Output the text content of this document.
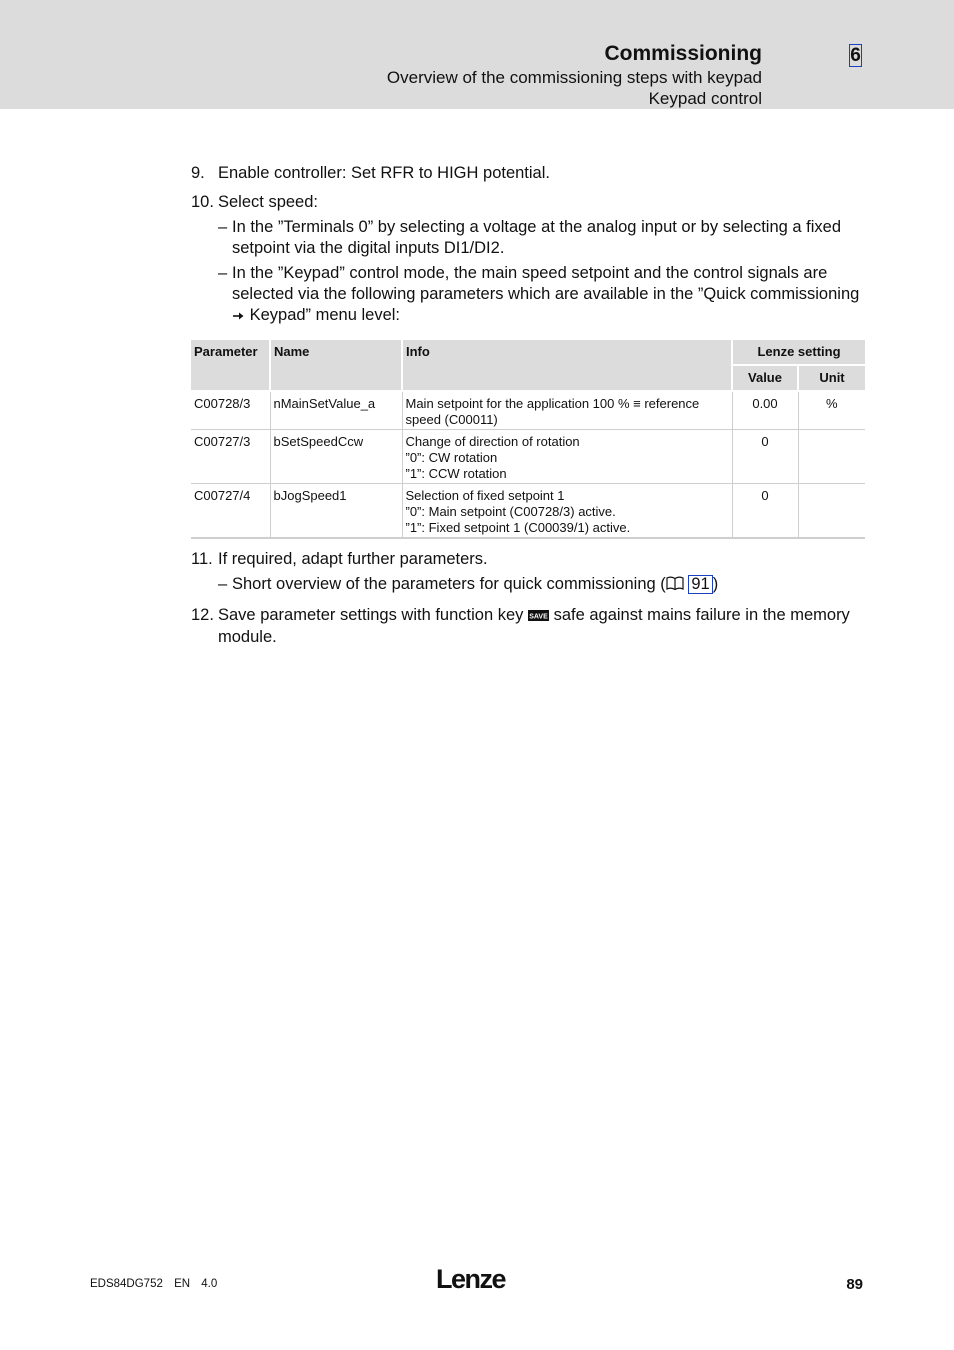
Commissioning
Overview of the commissioning steps with keypad
Keypad control
6
9. Enable controller: Set RFR to HIGH potential.
10. Select speed:
– In the ”Terminals 0” by selecting a voltage at the analog input or by selecting a fixed setpoint via the digital inputs DI1/DI2.
– In the ”Keypad” control mode, the main speed setpoint and the control signals are selected via the following parameters which are available in the ”Quick commissioning  Keypad” menu level:
Parameter	Name	Info	Lenze setting	
			Value	Unit
C00728/3	nMainSetValue_a	Main setpoint for the application 100 % ≡ reference
speed (C00011)	0.00	%
C00727/3	bSetSpeedCcw	Change of direction of rotation
”0”: CW rotation
”1”: CCW rotation	0	
C00727/4	bJogSpeed1	Selection of fixed setpoint 1
”0”: Main setpoint (C00728/3) active.
”1”: Fixed setpoint 1 (C00039/1) active.	0	
11. If required, adapt further parameters.
– Short overview of the parameters for quick commissioning ( 91 )
12. Save parameter settings with function key SAVE safe against mains failure in the memory module.
EDS84DG752 EN 4.0	Lenze	89
